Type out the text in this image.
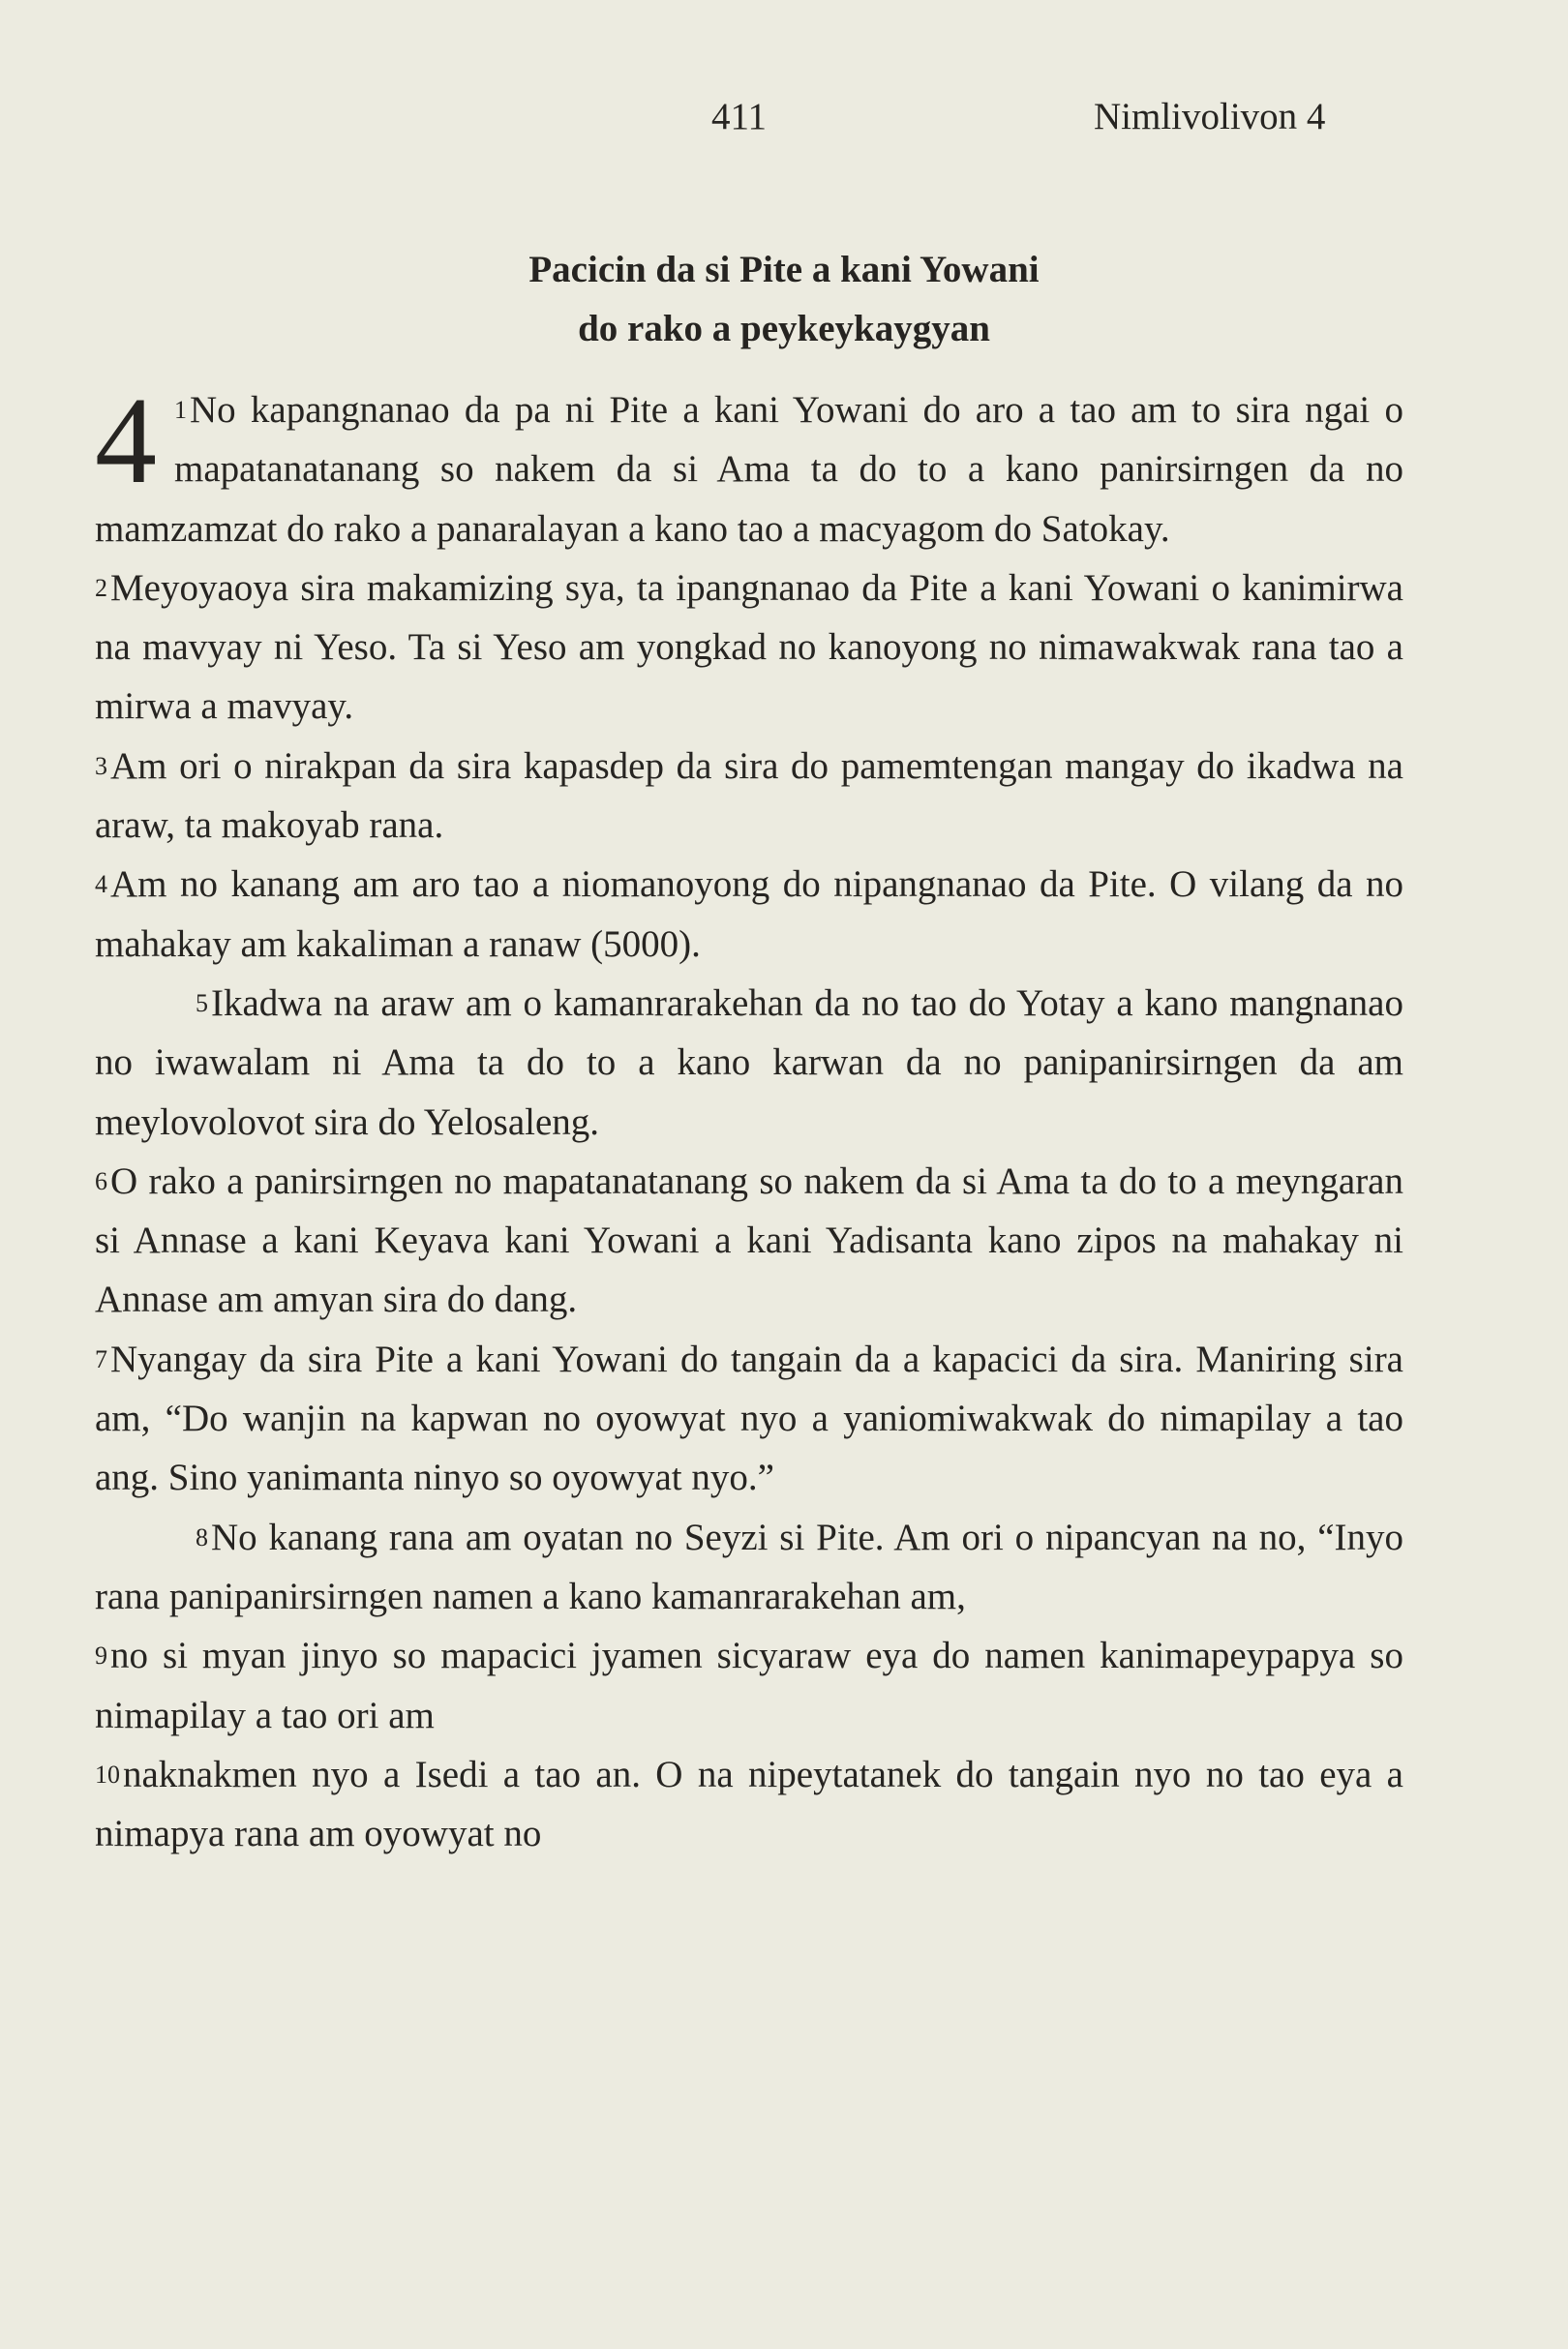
411	Nimlivolivon 4
Pacicin da si Pite a kani Yowani
do rako a peykeykaygyan

4 1No kapangnanao da pa ni Pite a kani Yowani do aro a tao am to sira ngai o mapatanatanang so nakem da si Ama ta do to a kano panirsirngen da no mamzamzat do rako a panaralayan a kano tao a macyagom do Satokay.

2Meyoyaoya sira makamizing sya, ta ipangnanao da Pite a kani Yowani o kanimirwa na mavyay ni Yeso. Ta si Yeso am yongkad no kanoyong no nimawakwak rana tao a mirwa a mavyay.

3Am ori o nirakpan da sira kapasdep da sira do pamemtengan mangay do ikadwa na araw, ta makoyab rana.

4Am no kanang am aro tao a niomanoyong do nipangnanao da Pite. O vilang da no mahakay am kakaliman a ranaw (5000).

5Ikadwa na araw am o kamanrarakehan da no tao do Yotay a kano mangnanao no iwawalam ni Ama ta do to a kano karwan da no panipanirsirngen da am meylovolovot sira do Yelosaleng.

6O rako a panirsirngen no mapatanatanang so nakem da si Ama ta do to a meyngaran si Annase a kani Keyava kani Yowani a kani Yadisanta kano zipos na mahakay ni Annase am amyan sira do dang.

7Nyangay da sira Pite a kani Yowani do tangain da a kapacici da sira. Maniring sira am, “Do wanjin na kapwan no oyowyat nyo a yaniomiwakwak do nimapilay a tao ang. Sino yanimanta ninyo so oyowyat nyo.”

8No kanang rana am oyatan no Seyzi si Pite. Am ori o nipancyan na no, “Inyo rana panipanirsirngen namen a kano kamanrarakehan am,

9no si myan jinyo so mapacici jyamen sicyaraw eya do namen kanimapeypapya so nimapilay a tao ori am

10naknakmen nyo a Isedi a tao an. O na nipeytatanek do tangain nyo no tao eya a nimapya rana am oyowyat no
